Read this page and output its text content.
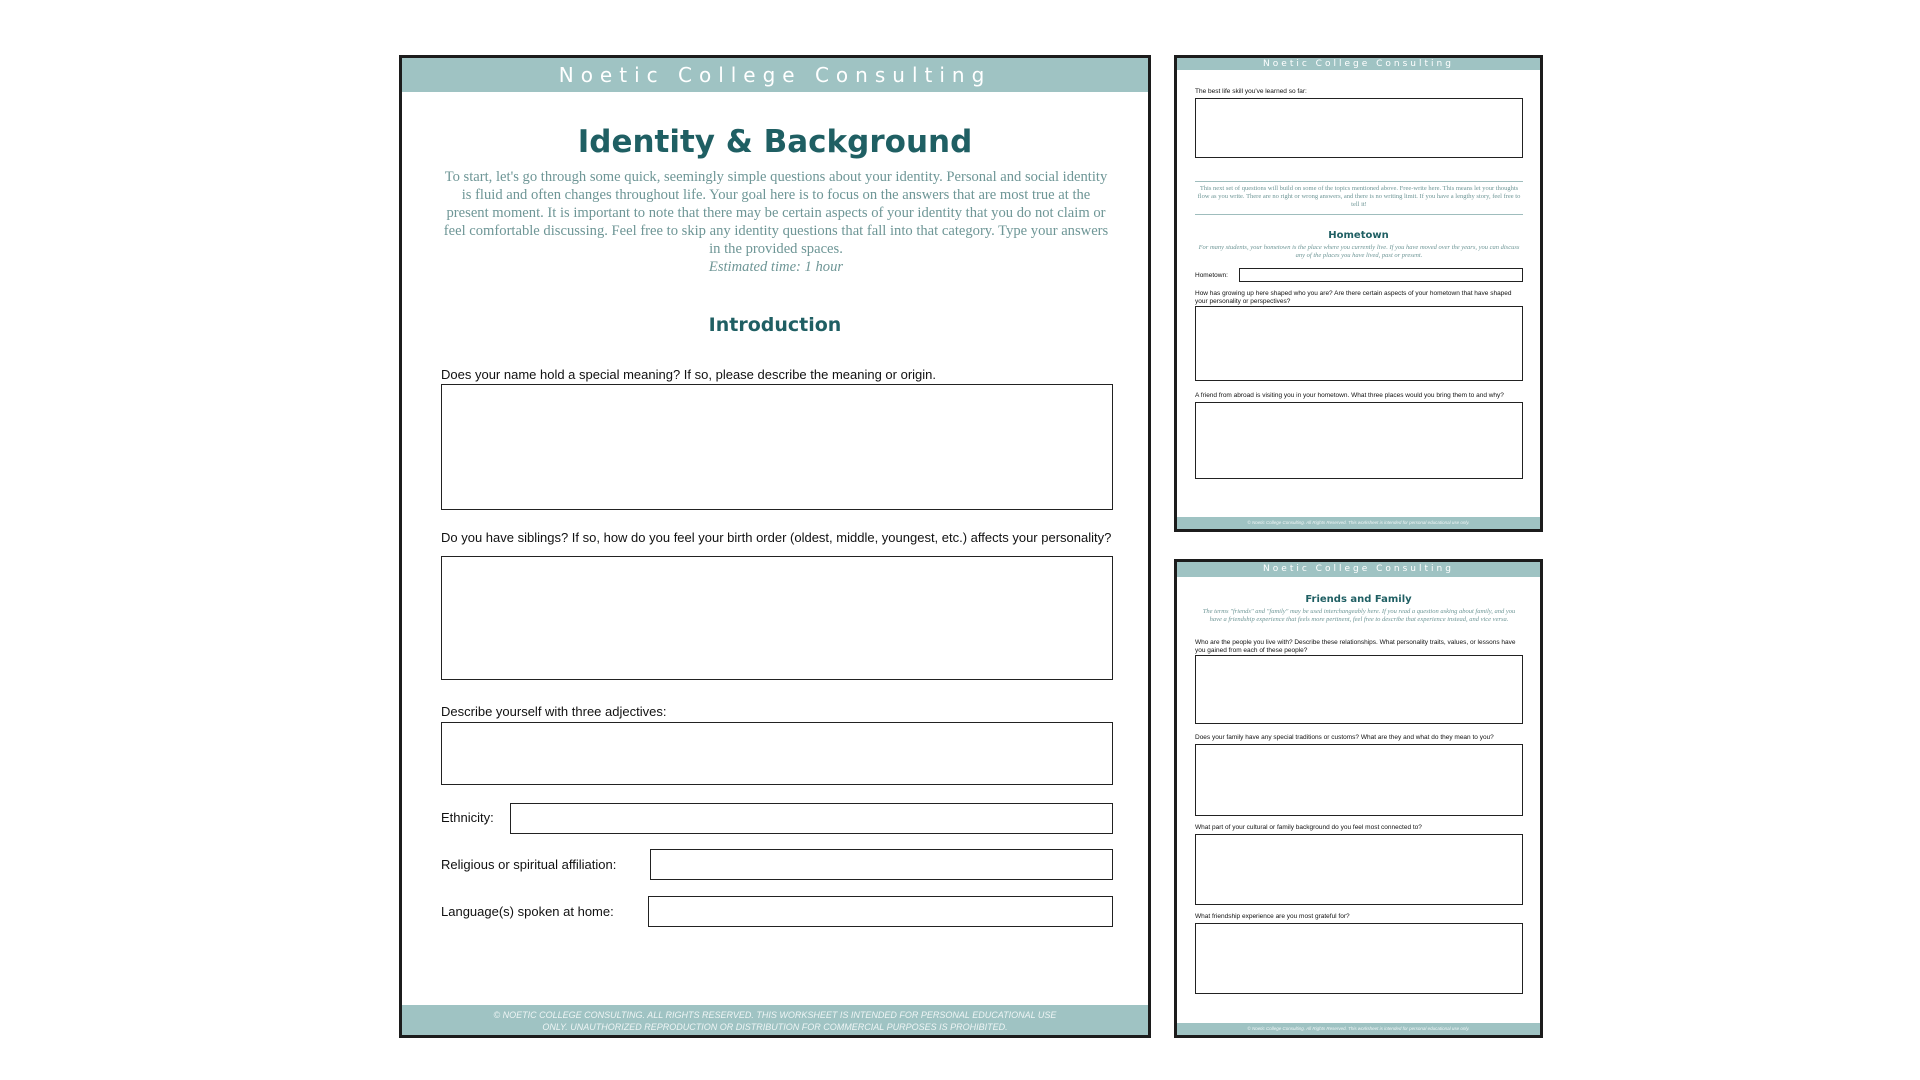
Noetic College Consulting
Identity & Background
To start, let's go through some quick, seemingly simple questions about your identity. Personal and social identity is fluid and often changes throughout life. Your goal here is to focus on the answers that are most true at the present moment. It is important to note that there may be certain aspects of your identity that you do not claim or feel comfortable discussing. Feel free to skip any identity questions that fall into that category. Type your answers in the provided spaces.
Estimated time: 1 hour
Introduction
Does your name hold a special meaning? If so, please describe the meaning or origin.
Do you have siblings? If so, how do you feel your birth order (oldest, middle, youngest, etc.) affects your personality?
Describe yourself with three adjectives:
Ethnicity:
Religious or spiritual affiliation:
Language(s) spoken at home:
© NOETIC COLLEGE CONSULTING. ALL RIGHTS RESERVED. THIS WORKSHEET IS INTENDED FOR PERSONAL EDUCATIONAL USE ONLY. UNAUTHORIZED REPRODUCTION OR DISTRIBUTION FOR COMMERCIAL PURPOSES IS PROHIBITED.
Noetic College Consulting
The best life skill you've learned so far:
This next set of questions will build on some of the topics mentioned above. Free-write here. This means let your thoughts flow as you write. There are no right or wrong answers, and there is no writing limit. If you have a lengthy story, feel free to tell it!
Hometown
For many students, your hometown is the place where you currently live. If you have moved over the years, you can discuss any of the places you have lived, past or present.
Hometown:
How has growing up here shaped who you are? Are there certain aspects of your hometown that have shaped your personality or perspectives?
A friend from abroad is visiting you in your hometown. What three places would you bring them to and why?
© Noetic College Consulting. All Rights Reserved. This worksheet is intended for personal educational use only.
Noetic College Consulting
Friends and Family
The terms "friends" and "family" may be used interchangeably here. If you read a question asking about family, and you have a friendship experience that feels more pertinent, feel free to describe that experience instead, and vice versa.
Who are the people you live with? Describe these relationships. What personality traits, values, or lessons have you gained from each of these people?
Does your family have any special traditions or customs? What are they and what do they mean to you?
What part of your cultural or family background do you feel most connected to?
What friendship experience are you most grateful for?
© Noetic College Consulting. All Rights Reserved. This worksheet is intended for personal educational use only.
